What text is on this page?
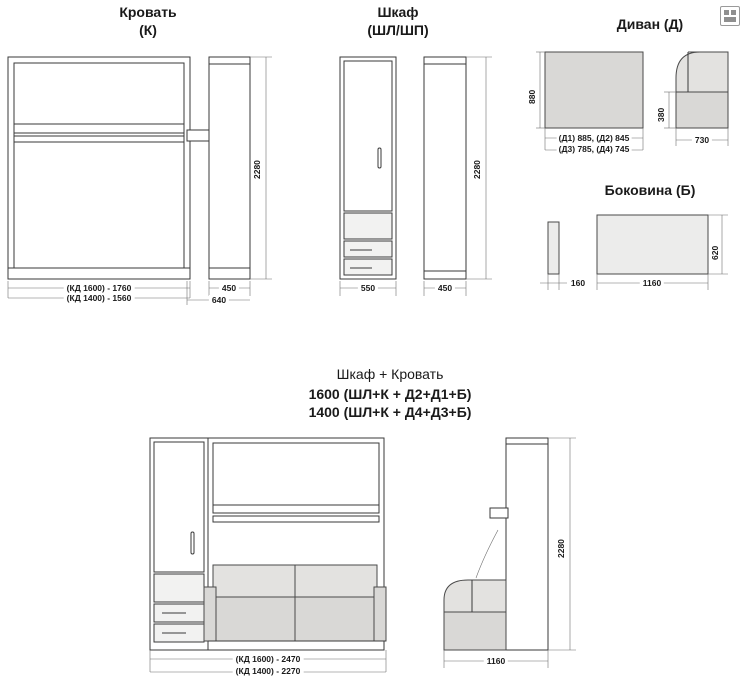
Кровать
(К)
Шкаф
(ШЛ/ШП)	Диван (Д)
Боковина (Б)
Шкаф + Кровать
1600 (ШЛ+К + Д2+Д1+Б)
1400 (ШЛ+К + Д4+Д3+Б)
(КД 1600) - 1760
(КД 1400) - 1560
450
640
2280
550	450
2280
880
380
(Д1) 885, (Д2) 845
(Д3) 785, (Д4) 745
730
160	1160
620
(КД 1600) - 2470
(КД 1400) - 2270
1160
2280
